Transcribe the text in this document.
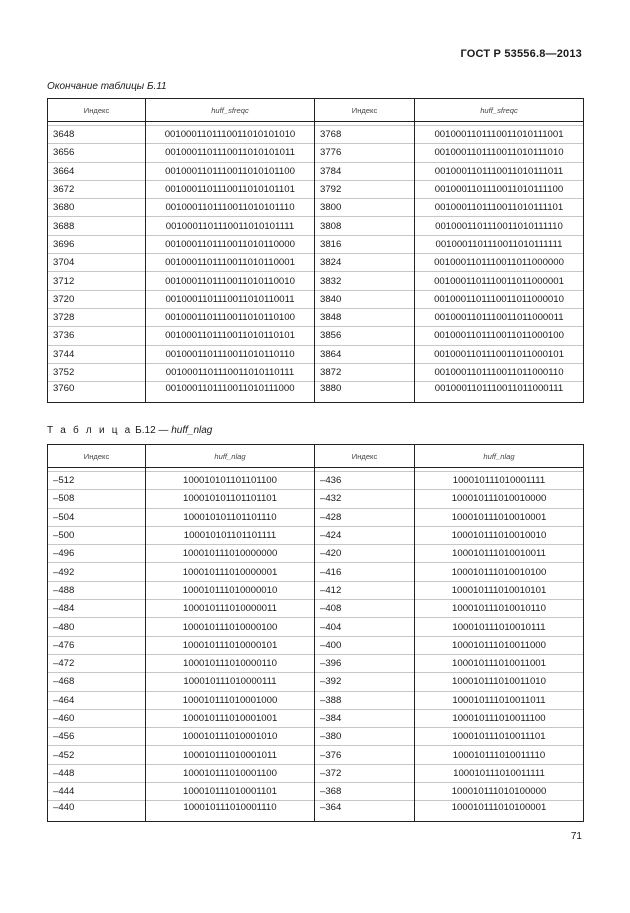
ГОСТ Р 53556.8—2013
Окончание таблицы Б.11
Индекс	huff_sfreqc	Индекс	huff_sfreqc

3648	0010001101110011010101010	3768	0010001101110011010111001
3656	0010001101110011010101011	3776	0010001101110011010111010
3664	0010001101110011010101100	3784	0010001101110011010111011
3672	0010001101110011010101101	3792	0010001101110011010111100
3680	0010001101110011010101110	3800	0010001101110011010111101
3688	0010001101110011010101111	3808	0010001101110011010111110
3696	0010001101110011010110000	3816	0010001101110011010111111
3704	0010001101110011010110001	3824	0010001101110011011000000
3712	0010001101110011010110010	3832	0010001101110011011000001
3720	0010001101110011010110011	3840	0010001101110011011000010
3728	0010001101110011010110100	3848	0010001101110011011000011
3736	0010001101110011010110101	3856	0010001101110011011000100
3744	0010001101110011010110110	3864	0010001101110011011000101
3752	0010001101110011010110111	3872	0010001101110011011000110
3760	0010001101110011010111000	3880	0010001101110011011000111
Т а б л и ц а Б.12 — huff_nlag
Индекс	huff_nlag	Индекс	huff_nlag

–512	100010101101101100	–436	100010111010001111
–508	100010101101101101	–432	100010111010010000
–504	100010101101101110	–428	100010111010010001
–500	100010101101101111	–424	100010111010010010
–496	100010111010000000	–420	100010111010010011
–492	100010111010000001	–416	100010111010010100
–488	100010111010000010	–412	100010111010010101
–484	100010111010000011	–408	100010111010010110
–480	100010111010000100	–404	100010111010010111
–476	100010111010000101	–400	100010111010011000
–472	100010111010000110	–396	100010111010011001
–468	100010111010000111	–392	100010111010011010
–464	100010111010001000	–388	100010111010011011
–460	100010111010001001	–384	100010111010011100
–456	100010111010001010	–380	100010111010011101
–452	100010111010001011	–376	100010111010011110
–448	100010111010001100	–372	100010111010011111
–444	100010111010001101	–368	100010111010100000
–440	100010111010001110	–364	100010111010100001
71
